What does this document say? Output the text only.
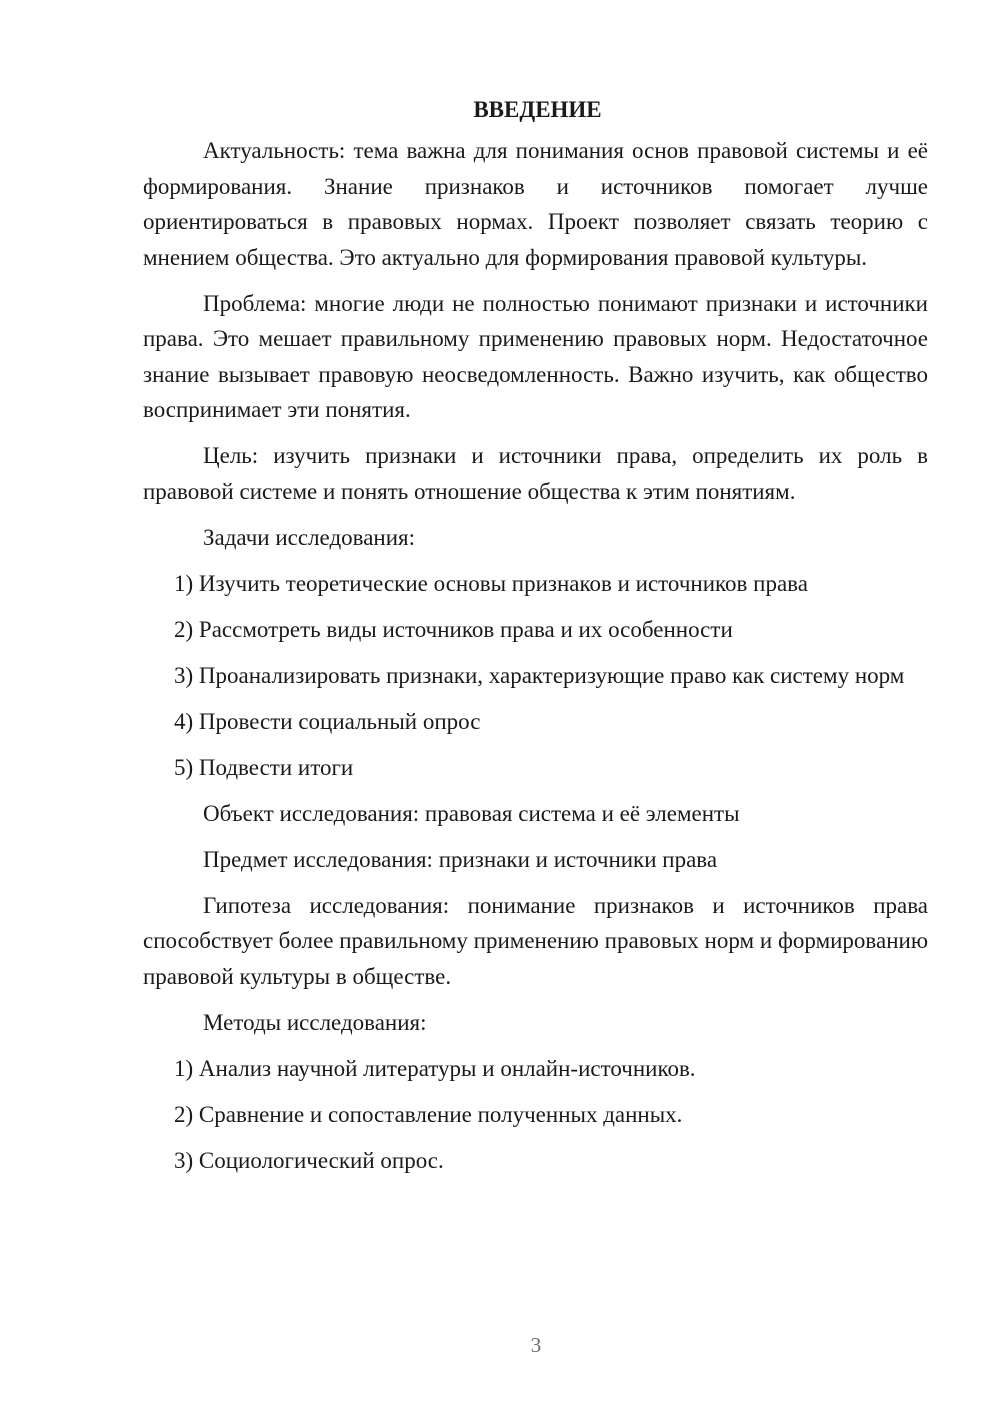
ВВЕДЕНИЕ

Актуальность: тема важна для понимания основ правовой системы и её формирования. Знание признаков и источников помогает лучше ориентироваться в правовых нормах. Проект позволяет связать теорию с мнением общества. Это актуально для формирования правовой культуры.

Проблема: многие люди не полностью понимают признаки и источники права. Это мешает правильному применению правовых норм. Недостаточное знание вызывает правовую неосведомленность. Важно изучить, как общество воспринимает эти понятия.

Цель: изучить признаки и источники права, определить их роль в правовой системе и понять отношение общества к этим понятиям.

Задачи исследования:

1) Изучить теоретические основы признаков и источников права

2) Рассмотреть виды источников права и их особенности

3) Проанализировать признаки, характеризующие право как систему норм

4) Провести социальный опрос

5) Подвести итоги

Объект исследования: правовая система и её элементы

Предмет исследования: признаки и источники права

Гипотеза исследования: понимание признаков и источников права способствует более правильному применению правовых норм и формированию правовой культуры в обществе.

Методы исследования:

1) Анализ научной литературы и онлайн-источников.

2) Сравнение и сопоставление полученных данных.

3) Социологический опрос.

3
